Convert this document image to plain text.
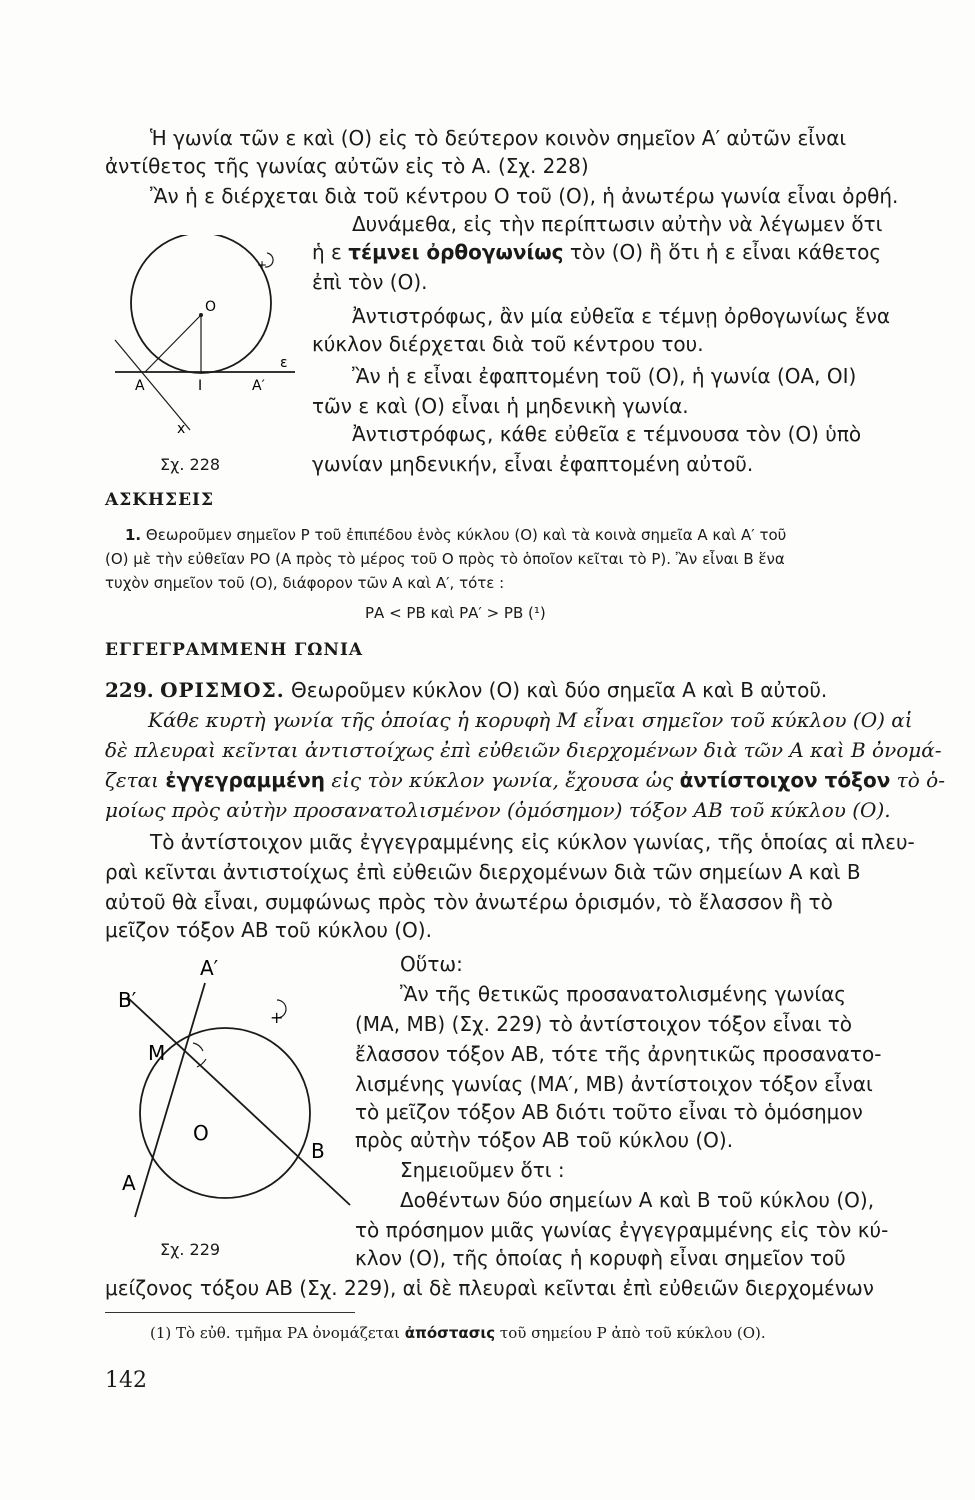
Ἡ γωνία τῶν ε καὶ (Ο) εἰς τὸ δεύτερον κοινὸν σημεῖον Α′ αὐτῶν εἶναι
ἀντίθετος τῆς γωνίας αὐτῶν εἰς τὸ Α. (Σχ. 228)
Ἂν ἡ ε διέρχεται διὰ τοῦ κέντρου Ο τοῦ (Ο), ἡ ἀνωτέρω γωνία εἶναι ὀρθή.
O
Α	Ι	Α′
ε
x
+
Σχ. 228
Δυνάμεθα, εἰς τὴν περίπτωσιν αὐτὴν νὰ λέγωμεν ὅτι
ἡ ε τέμνει ὀρθογωνίως τὸν (Ο) ἢ ὅτι ἡ ε εἶναι κάθετος
ἐπὶ τὸν (Ο).
Ἀντιστρόφως, ἂν μία εὐθεῖα ε τέμνῃ ὀρθογωνίως ἕνα
κύκλον διέρχεται διὰ τοῦ κέντρου του.
Ἂν ἡ ε εἶναι ἐφαπτομένη τοῦ (Ο), ἡ γωνία (ΟΑ, ΟΙ)
τῶν ε καὶ (Ο) εἶναι ἡ μηδενικὴ γωνία.
Ἀντιστρόφως, κάθε εὐθεῖα ε τέμνουσα τὸν (Ο) ὑπὸ
γωνίαν μηδενικήν, εἶναι ἐφαπτομένη αὐτοῦ.
ΑΣΚΗΣΕΙΣ
1. Θεωροῦμεν σημεῖον Ρ τοῦ ἐπιπέδου ἑνὸς κύκλου (Ο) καὶ τὰ κοινὰ σημεῖα Α καὶ Α′ τοῦ
(Ο) μὲ τὴν εὐθεῖαν ΡΟ (Α πρὸς τὸ μέρος τοῦ Ο πρὸς τὸ ὁποῖον κεῖται τὸ Ρ). Ἂν εἶναι Β ἕνα
τυχὸν σημεῖον τοῦ (Ο), διάφορον τῶν Α καὶ Α′, τότε :
ΡΑ < ΡΒ καὶ ΡΑ′ > ΡΒ (¹)
ΕΓΓΕΓΡΑΜΜΕΝΗ ΓΩΝΙΑ
229. ΟΡΙΣΜΟΣ. Θεωροῦμεν κύκλον (Ο) καὶ δύο σημεῖα Α καὶ Β αὐτοῦ.
Κάθε κυρτὴ γωνία τῆς ὁποίας ἡ κορυφὴ Μ εἶναι σημεῖον τοῦ κύκλου (Ο) αἱ
δὲ πλευραὶ κεῖνται ἀντιστοίχως ἐπὶ εὐθειῶν διερχομένων διὰ τῶν Α καὶ Β ὀνομά-
ζεται ἐγγεγραμμένη εἰς τὸν κύκλον γωνία, ἔχουσα ὡς ἀντίστοιχον τόξον τὸ ὁ-
μοίως πρὸς αὐτὴν προσανατολισμένον (ὁμόσημον) τόξον ΑΒ τοῦ κύκλου (Ο).
Τὸ ἀντίστοιχον μιᾶς ἐγγεγραμμένης εἰς κύκλον γωνίας, τῆς ὁποίας αἱ πλευ-
ραὶ κεῖνται ἀντιστοίχως ἐπὶ εὐθειῶν διερχομένων διὰ τῶν σημείων Α καὶ Β
αὐτοῦ θὰ εἶναι, συμφώνως πρὸς τὸν ἀνωτέρω ὁρισμόν, τὸ ἔλασσον ἢ τὸ
μεῖζον τόξον ΑΒ τοῦ κύκλου (Ο).
Α′
Β′
Μ
Ο
Β
Α
+
Σχ. 229
Οὕτω:
Ἂν τῆς θετικῶς προσανατολισμένης γωνίας
(ΜΑ, ΜΒ) (Σχ. 229) τὸ ἀντίστοιχον τόξον εἶναι τὸ
ἔλασσον τόξον ΑΒ, τότε τῆς ἀρνητικῶς προσανατο-
λισμένης γωνίας (ΜΑ′, ΜΒ) ἀντίστοιχον τόξον εἶναι
τὸ μεῖζον τόξον ΑΒ διότι τοῦτο εἶναι τὸ ὁμόσημον
πρὸς αὐτὴν τόξον ΑΒ τοῦ κύκλου (Ο).
Σημειοῦμεν ὅτι :
Δοθέντων δύο σημείων Α καὶ Β τοῦ κύκλου (Ο),
τὸ πρόσημον μιᾶς γωνίας ἐγγεγραμμένης εἰς τὸν κύ-
κλον (Ο), τῆς ὁποίας ἡ κορυφὴ εἶναι σημεῖον τοῦ
μείζονος τόξου ΑΒ (Σχ. 229), αἱ δὲ πλευραὶ κεῖνται ἐπὶ εὐθειῶν διερχομένων
(1) Τὸ εὐθ. τμῆμα ΡΑ ὀνομάζεται ἀπόστασις τοῦ σημείου Ρ ἀπὸ τοῦ κύκλου (Ο).
142
